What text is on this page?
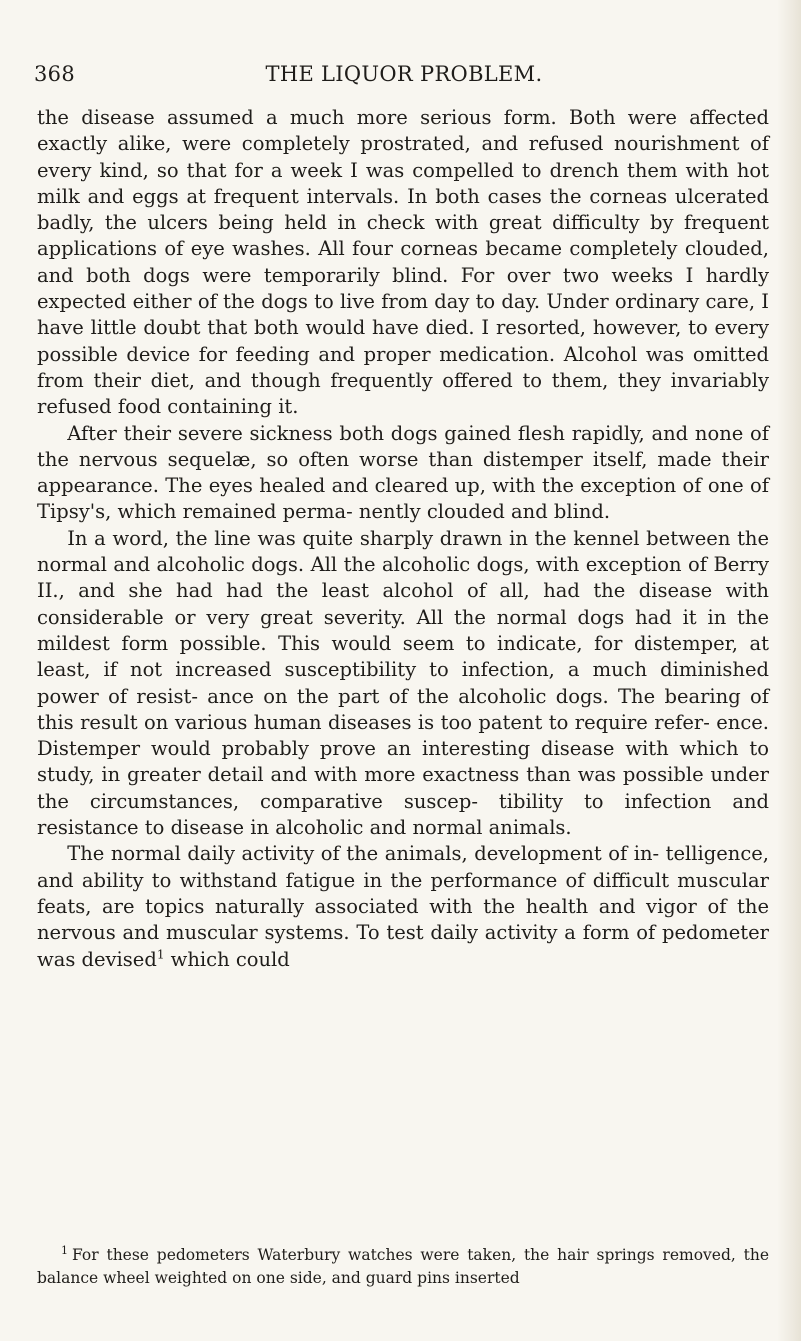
368	THE LIQUOR PROBLEM.

the disease assumed a much more serious form. Both were affected exactly alike, were completely prostrated, and refused nourishment of every kind, so that for a week I was compelled to drench them with hot milk and eggs at frequent intervals. In both cases the corneas ulcerated badly, the ulcers being held in check with great difficulty by frequent applications of eye washes. All four corneas became completely clouded, and both dogs were temporarily blind. For over two weeks I hardly expected either of the dogs to live from day to day. Under ordinary care, I have little doubt that both would have died. I resorted, however, to every possible device for feeding and proper medication. Alcohol was omitted from their diet, and though frequently offered to them, they invariably refused food containing it.

After their severe sickness both dogs gained flesh rapidly, and none of the nervous sequelæ, so often worse than distemper itself, made their appearance. The eyes healed and cleared up, with the exception of one of Tipsy's, which remained perma- nently clouded and blind.

In a word, the line was quite sharply drawn in the kennel between the normal and alcoholic dogs. All the alcoholic dogs, with exception of Berry II., and she had had the least alcohol of all, had the disease with considerable or very great severity. All the normal dogs had it in the mildest form possible. This would seem to indicate, for distemper, at least, if not increased susceptibility to infection, a much diminished power of resist- ance on the part of the alcoholic dogs. The bearing of this result on various human diseases is too patent to require refer- ence. Distemper would probably prove an interesting disease with which to study, in greater detail and with more exactness than was possible under the circumstances, comparative suscep- tibility to infection and resistance to disease in alcoholic and normal animals.

The normal daily activity of the animals, development of in- telligence, and ability to withstand fatigue in the performance of difficult muscular feats, are topics naturally associated with the health and vigor of the nervous and muscular systems. To test daily activity a form of pedometer was devised$^1$ which could

$^1$ For these pedometers Waterbury watches were taken, the hair springs removed, the balance wheel weighted on one side, and guard pins inserted
